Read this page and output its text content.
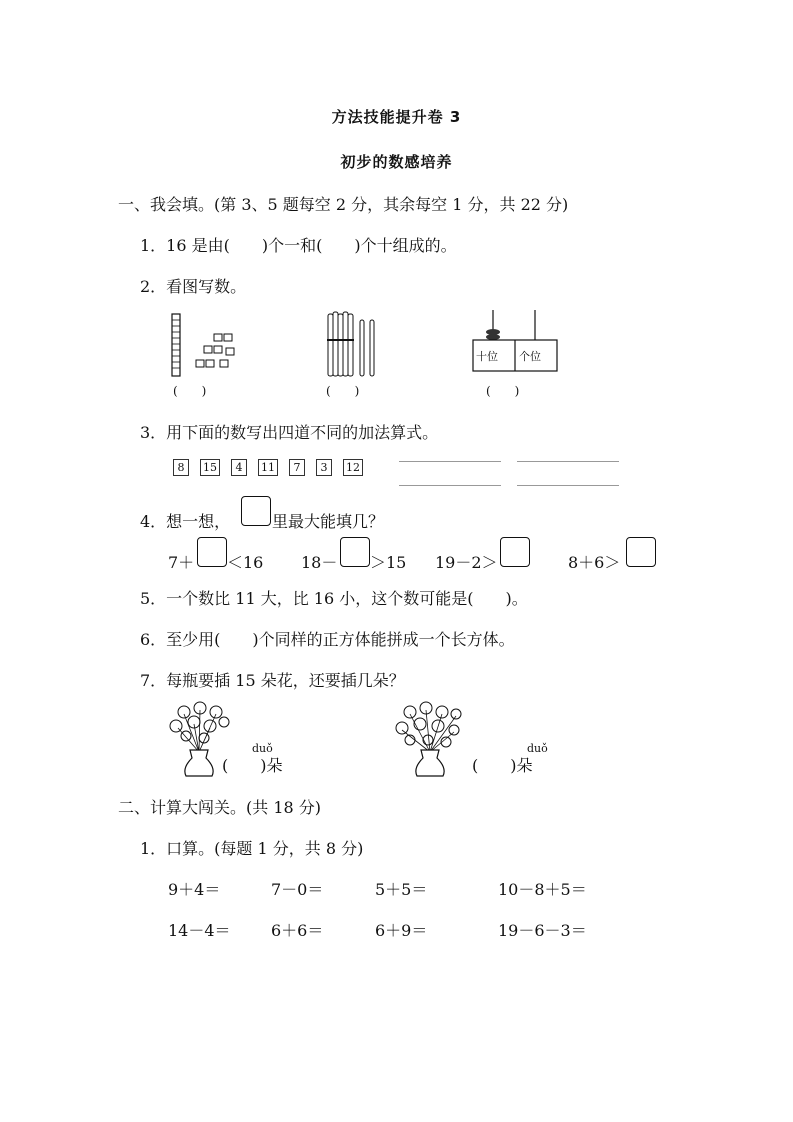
方法技能提升卷 3
初步的数感培养
一、我会填。(第 3、5 题每空 2 分，其余每空 1 分，共 22 分)
1．16 是由(　　)个一和(　　)个十组成的。
2．看图写数。
(　　)	(　　)
十位 个位
(　　)
3．用下面的数写出四道不同的加法算式。
8 15 4 11 7 3 12
4．想一想，	里最大能填几？
7＋ ＜16 18－ ＞15 19－2＞	8＋6＞
5．一个数比 11 大，比 16 小，这个数可能是(　　)。
6．至少用(　　)个同样的正方体能拼成一个长方体。
7．每瓶要插 15 朵花，还要插几朵？
duǒ
(　　)朵
duǒ
(　　)朵
二、计算大闯关。(共 18 分)
1．口算。(每题 1 分，共 8 分)
9＋4＝	7－0＝	5＋5＝	10－8＋5＝
14－4＝	6＋6＝	6＋9＝	19－6－3＝
